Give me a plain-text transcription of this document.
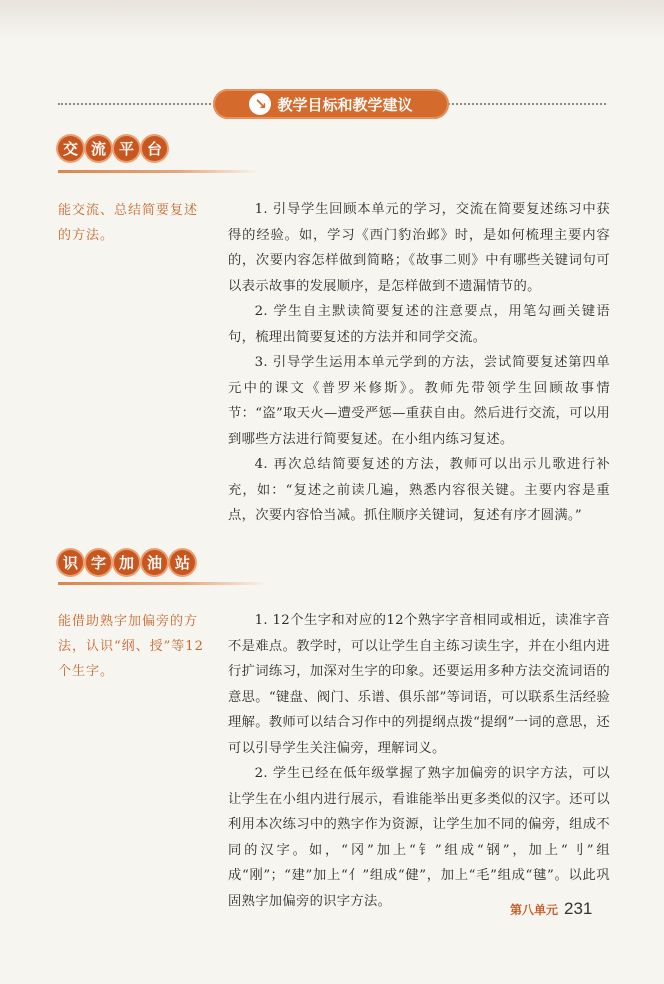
↘ 教学目标和教学建议
交 流 平 台
能交流、总结简要复述的方法。

1. 引导学生回顾本单元的学习，交流在简要复述练习中获得的经验。如，学习《西门豹治邺》时，是如何梳理主要内容的，次要内容怎样做到简略；《故事二则》中有哪些关键词句可以表示故事的发展顺序，是怎样做到不遗漏情节的。

2. 学生自主默读简要复述的注意要点，用笔勾画关键语句，梳理出简要复述的方法并和同学交流。

3. 引导学生运用本单元学到的方法，尝试简要复述第四单元中的课文《普罗米修斯》。教师先带领学生回顾故事情节：“盗”取天火—遭受严惩—重获自由。然后进行交流，可以用到哪些方法进行简要复述。在小组内练习复述。

4. 再次总结简要复述的方法，教师可以出示儿歌进行补充，如：“复述之前读几遍，熟悉内容很关键。主要内容是重点，次要内容恰当减。抓住顺序关键词，复述有序才圆满。”

识 字 加 油 站
能借助熟字加偏旁的方法，认识“纲、授”等12个生字。

1. 12个生字和对应的12个熟字字音相同或相近，读准字音不是难点。教学时，可以让学生自主练习读生字，并在小组内进行扩词练习，加深对生字的印象。还要运用多种方法交流词语的意思。“键盘、阀门、乐谱、俱乐部”等词语，可以联系生活经验理解。教师可以结合习作中的列提纲点拨“提纲”一词的意思，还可以引导学生关注偏旁，理解词义。

2. 学生已经在低年级掌握了熟字加偏旁的识字方法，可以让学生在小组内进行展示，看谁能举出更多类似的汉字。还可以利用本次练习中的熟字作为资源，让学生加不同的偏旁，组成不同的汉字。如，“冈”加上“钅”组成“钢”，加上“刂”组成“刚”；“建”加上“亻”组成“健”，加上“毛”组成“毽”。以此巩固熟字加偏旁的识字方法。

第八单元 231
